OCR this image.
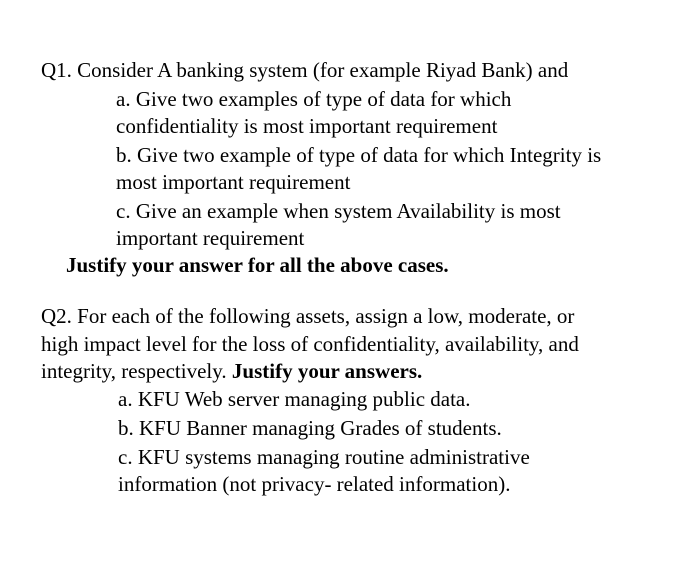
Q1. Consider A banking system (for example Riyad Bank) and
a. Give two examples of type of data for which
confidentiality is most important requirement
b. Give two example of type of data for which Integrity is
most important requirement
c. Give an example when system Availability is most
important requirement
Justify your answer for all the above cases.
Q2. For each of the following assets, assign a low, moderate, or
high impact level for the loss of confidentiality, availability, and
integrity, respectively. Justify your answers.
a. KFU Web server managing public data.
b. KFU Banner managing Grades of students.
c. KFU systems managing routine administrative
information (not privacy- related information).
